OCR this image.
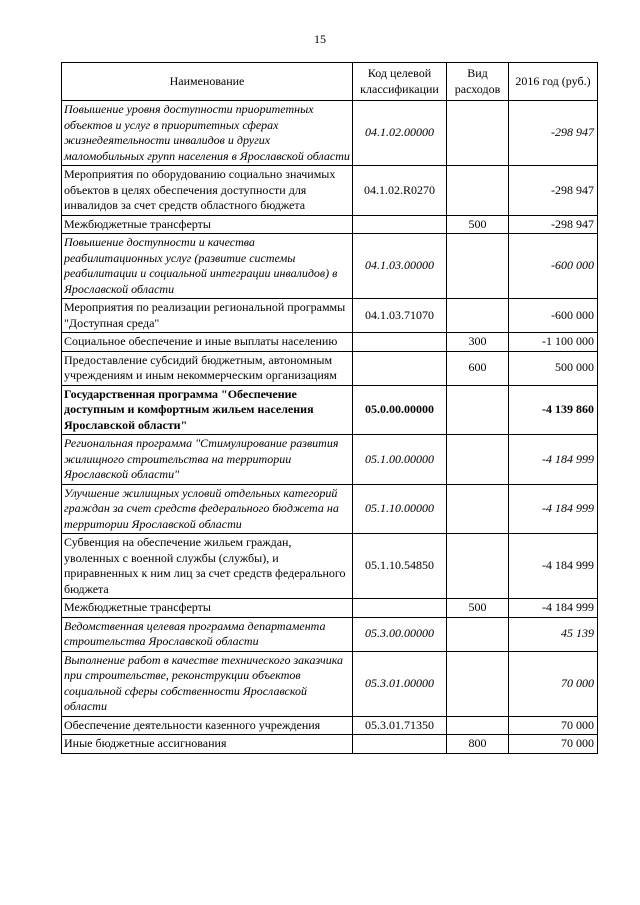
15
Наименование	Код целевой классификации	Вид расходов	2016 год (руб.)
Повышение уровня доступности приоритетных объектов и услуг в приоритетных сферах жизнедеятельности инвалидов и других маломобильных групп населения в Ярославской области	04.1.02.00000		-298 947
Мероприятия по оборудованию социально значимых объектов в целях обеспечения доступности для инвалидов за счет средств областного бюджета	04.1.02.R0270		-298 947
Межбюджетные трансферты		500	-298 947
Повышение доступности и качества реабилитационных услуг (развитие системы реабилитации и социальной интеграции инвалидов) в Ярославской области	04.1.03.00000		-600 000
Мероприятия по реализации региональной программы "Доступная среда"	04.1.03.71070		-600 000
Социальное обеспечение и иные выплаты населению		300	-1 100 000
Предоставление субсидий бюджетным, автономным учреждениям и иным некоммерческим организациям		600	500 000
Государственная программа "Обеспечение доступным и комфортным жильем населения Ярославской области"	05.0.00.00000		-4 139 860
Региональная программа "Стимулирование развития жилищного строительства на территории Ярославской области"	05.1.00.00000		-4 184 999
Улучшение жилищных условий отдельных категорий граждан за счет средств федерального бюджета на территории Ярославской области	05.1.10.00000		-4 184 999
Субвенция на обеспечение жильем граждан, уволенных с военной службы (службы), и приравненных к ним лиц за счет средств федерального бюджета	05.1.10.54850		-4 184 999
Межбюджетные трансферты		500	-4 184 999
Ведомственная целевая программа департамента строительства Ярославской области	05.3.00.00000		45 139
Выполнение работ в качестве технического заказчика при строительстве, реконструкции объектов социальной сферы собственности Ярославской области	05.3.01.00000		70 000
Обеспечение деятельности казенного учреждения	05.3.01.71350		70 000
Иные бюджетные ассигнования		800	70 000
